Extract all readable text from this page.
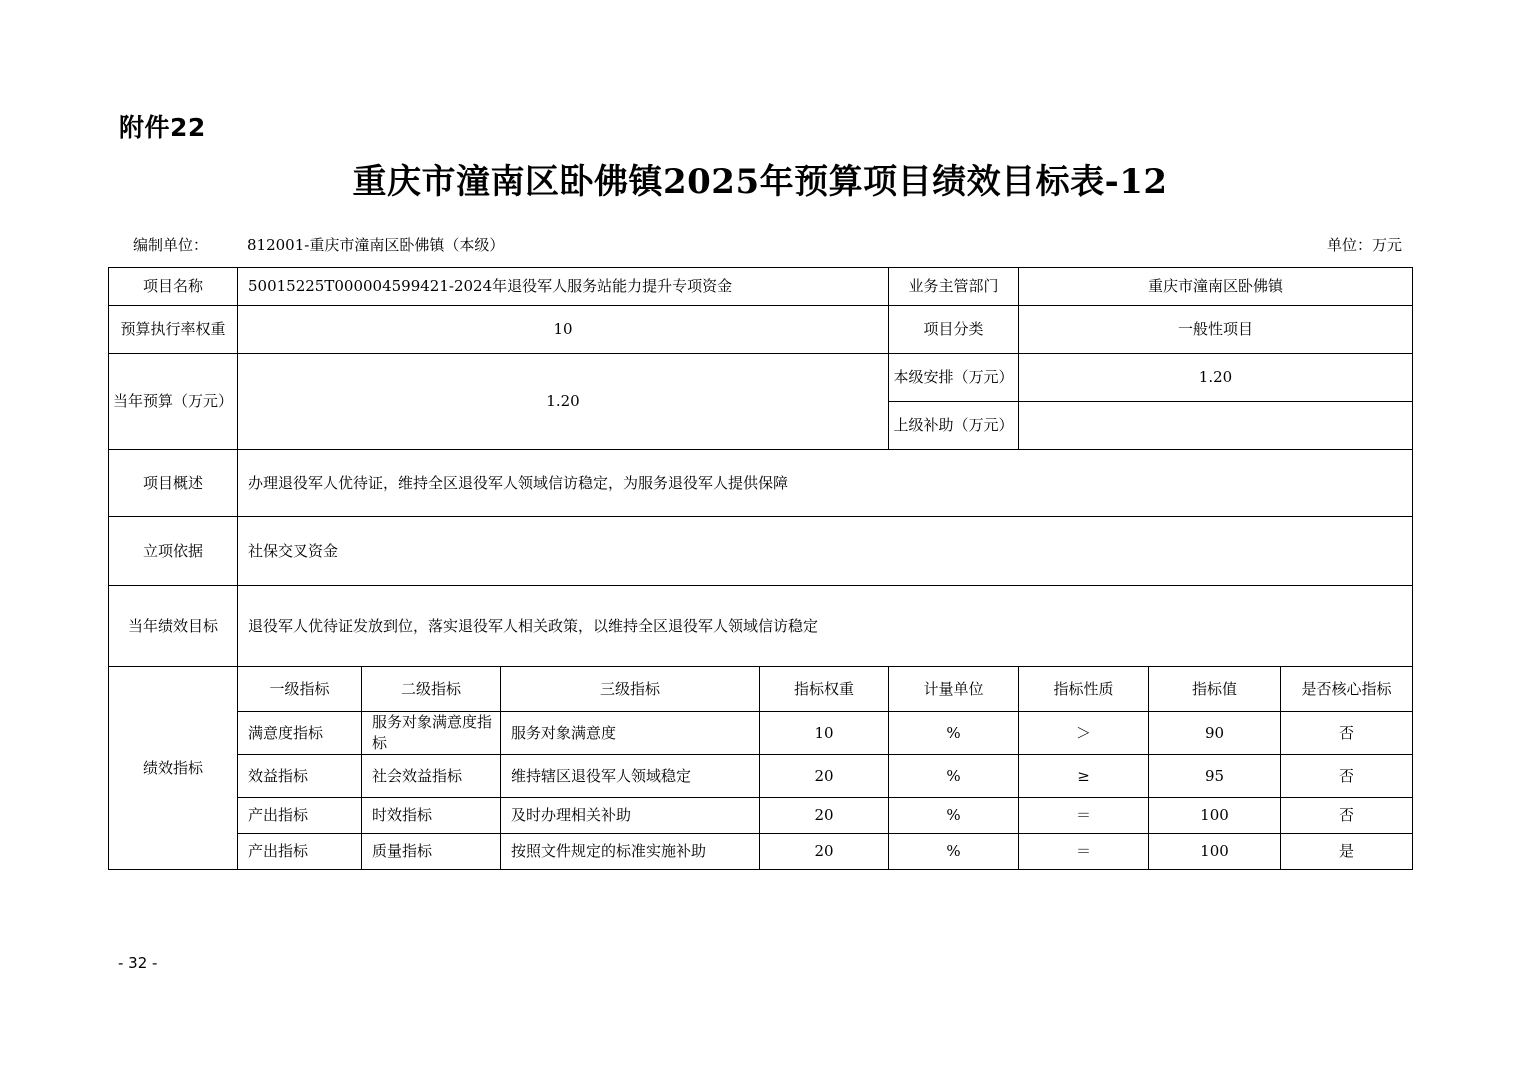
附件22
重庆市潼南区卧佛镇2025年预算项目绩效目标表-12
编制单位：	812001-重庆市潼南区卧佛镇（本级）	单位：万元
项目名称	50015225T000004599421-2024年退役军人服务站能力提升专项资金				业务主管部门	重庆市潼南区卧佛镇		
预算执行率权重	10				项目分类	一般性项目		
当年预算（万元）	1.20				本级安排（万元）	1.20		
					上级补助（万元）			
项目概述	办理退役军人优待证，维持全区退役军人领域信访稳定，为服务退役军人提供保障							
立项依据	社保交叉资金							
当年绩效目标	退役军人优待证发放到位，落实退役军人相关政策，以维持全区退役军人领域信访稳定							
绩效指标	一级指标	二级指标	三级指标	指标权重	计量单位	指标性质	指标值	是否核心指标
	满意度指标	服务对象满意度指标	服务对象满意度	10	%	＞	90	否
	效益指标	社会效益指标	维持辖区退役军人领域稳定	20	%	≥	95	否
	产出指标	时效指标	及时办理相关补助	20	%	＝	100	否
	产出指标	质量指标	按照文件规定的标准实施补助	20	%	＝	100	是
- 32 -
